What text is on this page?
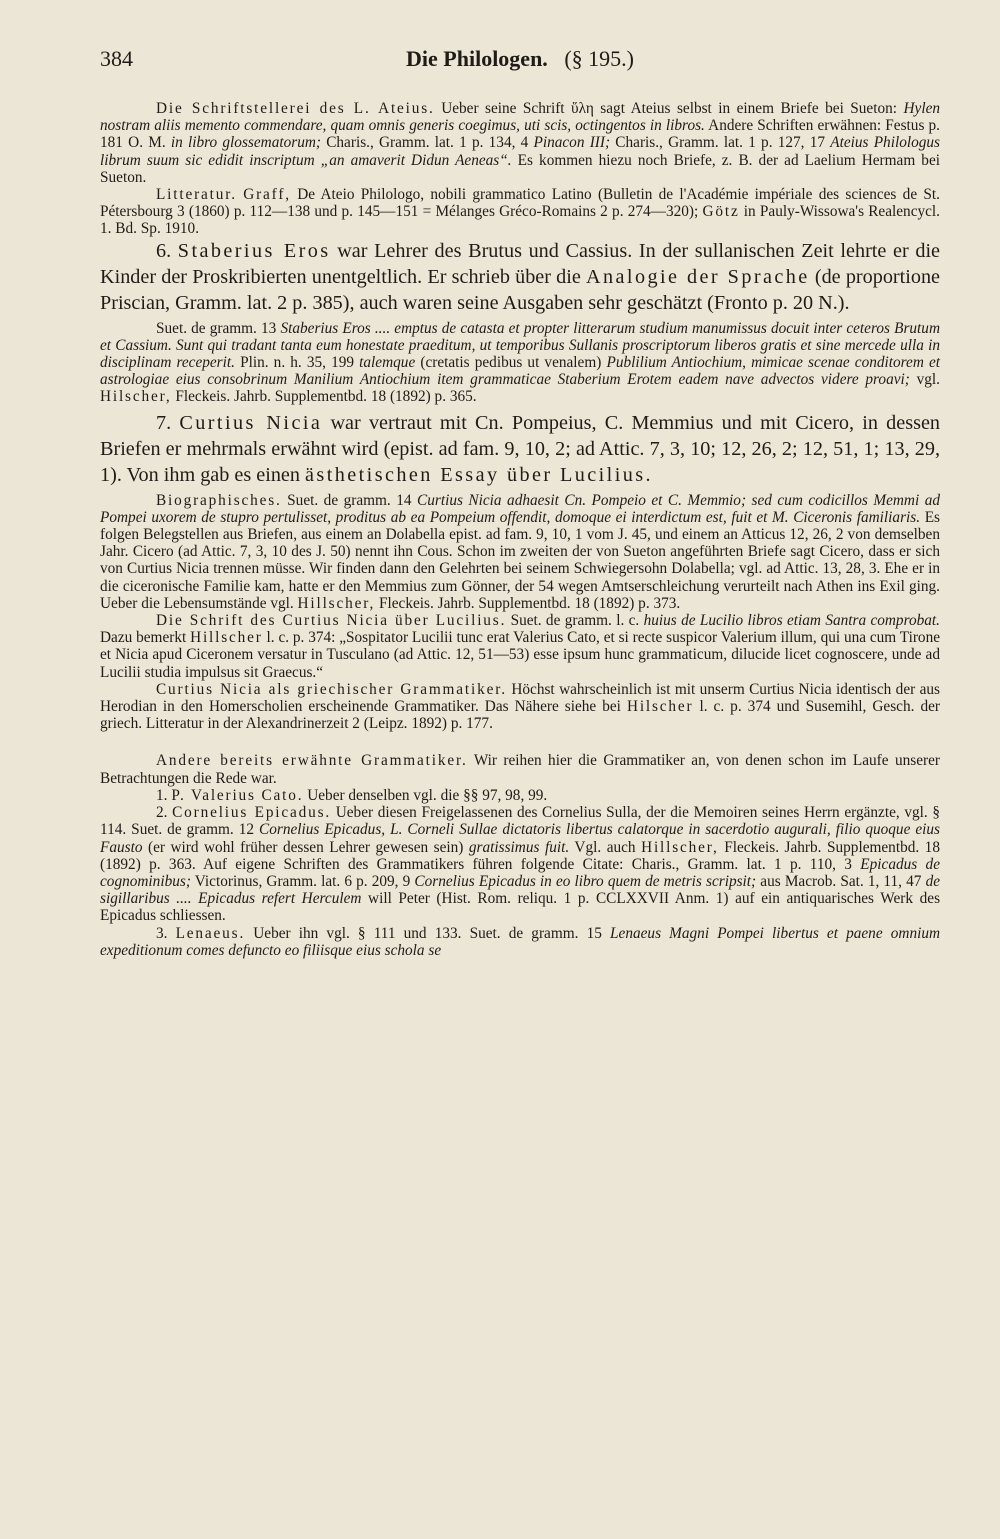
384	Die Philologen. (§ 195.)

Die Schriftstellerei des L. Ateius. Ueber seine Schrift ὕλη sagt Ateius selbst in einem Briefe bei Sueton: Hylen nostram aliis memento commendare, quam omnis generis coegimus, uti scis, octingentos in libros. Andere Schriften erwähnen: Festus p. 181 O. M. in libro glossematorum; Charis., Gramm. lat. 1 p. 134, 4 Pinacon III; Charis., Gramm. lat. 1 p. 127, 17 Ateius Philologus librum suum sic edidit inscriptum „an amaverit Didun Aeneas“. Es kommen hiezu noch Briefe, z. B. der ad Laelium Hermam bei Sueton.

Litteratur. Graff, De Ateio Philologo, nobili grammatico Latino (Bulletin de l'Académie impériale des sciences de St. Pétersbourg 3 (1860) p. 112—138 und p. 145—151 = Mélanges Gréco-Romains 2 p. 274—320); Götz in Pauly-Wissowa's Realencycl. 1. Bd. Sp. 1910.

6. Staberius Eros war Lehrer des Brutus und Cassius. In der sullanischen Zeit lehrte er die Kinder der Proskribierten unentgeltlich. Er schrieb über die Analogie der Sprache (de proportione Priscian, Gramm. lat. 2 p. 385), auch waren seine Ausgaben sehr geschätzt (Fronto p. 20 N.).

Suet. de gramm. 13 Staberius Eros .... emptus de catasta et propter litterarum studium manumissus docuit inter ceteros Brutum et Cassium. Sunt qui tradant tanta eum honestate praeditum, ut temporibus Sullanis proscriptorum liberos gratis et sine mercede ulla in disciplinam receperit. Plin. n. h. 35, 199 talemque (cretatis pedibus ut venalem) Publilium Antiochium, mimicae scenae conditorem et astrologiae eius consobrinum Manilium Antiochium item grammaticae Staberium Erotem eadem nave advectos videre proavi; vgl. Hilscher, Fleckeis. Jahrb. Supplementbd. 18 (1892) p. 365.

7. Curtius Nicia war vertraut mit Cn. Pompeius, C. Memmius und mit Cicero, in dessen Briefen er mehrmals erwähnt wird (epist. ad fam. 9, 10, 2; ad Attic. 7, 3, 10; 12, 26, 2; 12, 51, 1; 13, 29, 1). Von ihm gab es einen ästhetischen Essay über Lucilius.

Biographisches. Suet. de gramm. 14 Curtius Nicia adhaesit Cn. Pompeio et C. Memmio; sed cum codicillos Memmi ad Pompei uxorem de stupro pertulisset, proditus ab ea Pompeium offendit, domoque ei interdictum est, fuit et M. Ciceronis familiaris. Es folgen Belegstellen aus Briefen, aus einem an Dolabella epist. ad fam. 9, 10, 1 vom J. 45, und einem an Atticus 12, 26, 2 von demselben Jahr. Cicero (ad Attic. 7, 3, 10 des J. 50) nennt ihn Cous. Schon im zweiten der von Sueton angeführten Briefe sagt Cicero, dass er sich von Curtius Nicia trennen müsse. Wir finden dann den Gelehrten bei seinem Schwiegersohn Dolabella; vgl. ad Attic. 13, 28, 3. Ehe er in die ciceronische Familie kam, hatte er den Memmius zum Gönner, der 54 wegen Amtserschleichung verurteilt nach Athen ins Exil ging. Ueber die Lebensumstände vgl. Hillscher, Fleckeis. Jahrb. Supplementbd. 18 (1892) p. 373.

Die Schrift des Curtius Nicia über Lucilius. Suet. de gramm. l. c. huius de Lucilio libros etiam Santra comprobat. Dazu bemerkt Hillscher l. c. p. 374: „Sospitator Lucilii tunc erat Valerius Cato, et si recte suspicor Valerium illum, qui una cum Tirone et Nicia apud Ciceronem versatur in Tusculano (ad Attic. 12, 51—53) esse ipsum hunc grammaticum, dilucide licet cognoscere, unde ad Lucilii studia impulsus sit Graecus.“

Curtius Nicia als griechischer Grammatiker. Höchst wahrscheinlich ist mit unserm Curtius Nicia identisch der aus Herodian in den Homerscholien erscheinende Grammatiker. Das Nähere siehe bei Hilscher l. c. p. 374 und Susemihl, Gesch. der griech. Litteratur in der Alexandrinerzeit 2 (Leipz. 1892) p. 177.

Andere bereits erwähnte Grammatiker. Wir reihen hier die Grammatiker an, von denen schon im Laufe unserer Betrachtungen die Rede war.

1. P. Valerius Cato. Ueber denselben vgl. die §§ 97, 98, 99.

2. Cornelius Epicadus. Ueber diesen Freigelassenen des Cornelius Sulla, der die Memoiren seines Herrn ergänzte, vgl. § 114. Suet. de gramm. 12 Cornelius Epicadus, L. Corneli Sullae dictatoris libertus calatorque in sacerdotio augurali, filio quoque eius Fausto (er wird wohl früher dessen Lehrer gewesen sein) gratissimus fuit. Vgl. auch Hillscher, Fleckeis. Jahrb. Supplementbd. 18 (1892) p. 363. Auf eigene Schriften des Grammatikers führen folgende Citate: Charis., Gramm. lat. 1 p. 110, 3 Epicadus de cognominibus; Victorinus, Gramm. lat. 6 p. 209, 9 Cornelius Epicadus in eo libro quem de metris scripsit; aus Macrob. Sat. 1, 11, 47 de sigillaribus .... Epicadus refert Herculem will Peter (Hist. Rom. reliqu. 1 p. CCLXXVII Anm. 1) auf ein antiquarisches Werk des Epicadus schliessen.

3. Lenaeus. Ueber ihn vgl. § 111 und 133. Suet. de gramm. 15 Lenaeus Magni Pompei libertus et paene omnium expeditionum comes defuncto eo filiisque eius schola se
